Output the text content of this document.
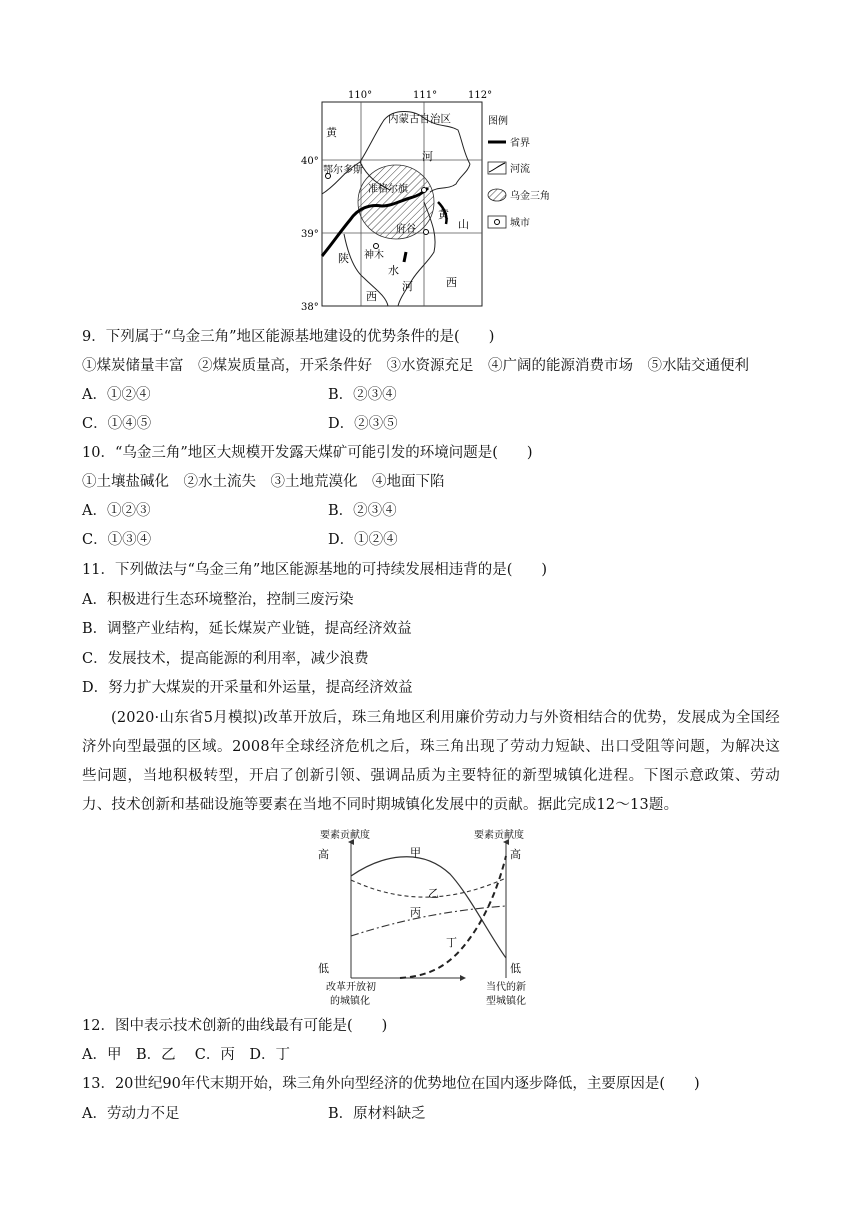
110°	111°	112°
40°
39°
38°
内蒙古自治区
黄
河
鄂尔多斯
准格尔旗
府谷
黄
山
陕 神木
水
西
河	西
图例
省界
河流
乌金三角
城市
9．下列属于“乌金三角”地区能源基地建设的优势条件的是(　　)
①煤炭储量丰富　②煤炭质量高，开采条件好　③水资源充足　④广阔的能源消费市场　⑤水陆交通便利
A．①②④	B．②③④
C．①④⑤	D．②③⑤
10．“乌金三角”地区大规模开发露天煤矿可能引发的环境问题是(　　)
①土壤盐碱化　②水土流失　③土地荒漠化　④地面下陷
A．①②③	B．②③④
C．①③④	D．①②④
11．下列做法与“乌金三角”地区能源基地的可持续发展相违背的是(　　)
A．积极进行生态环境整治，控制三废污染
B．调整产业结构，延长煤炭产业链，提高经济效益
C．发展技术，提高能源的利用率，减少浪费
D．努力扩大煤炭的开采量和外运量，提高经济效益
(2020·山东省5月模拟)改革开放后，珠三角地区利用廉价劳动力与外资相结合的优势，发展成为全国经济外向型最强的区域。2008年全球经济危机之后，珠三角出现了劳动力短缺、出口受阻等问题，为解决这些问题，当地积极转型，开启了创新引领、强调品质为主要特征的新型城镇化进程。下图示意政策、劳动力、技术创新和基础设施等要素在当地不同时期城镇化发展中的贡献。据此完成12～13题。
要素贡献度	要素贡献度
高	高
低	低
甲
乙
丙
丁
改革开放初
的城镇化
当代的新
型城镇化
12．图中表示技术创新的曲线最有可能是(　　)
A．甲　B．乙　 C．丙　D．丁
13．20世纪90年代末期开始，珠三角外向型经济的优势地位在国内逐步降低，主要原因是(　　)
A．劳动力不足	B．原材料缺乏
